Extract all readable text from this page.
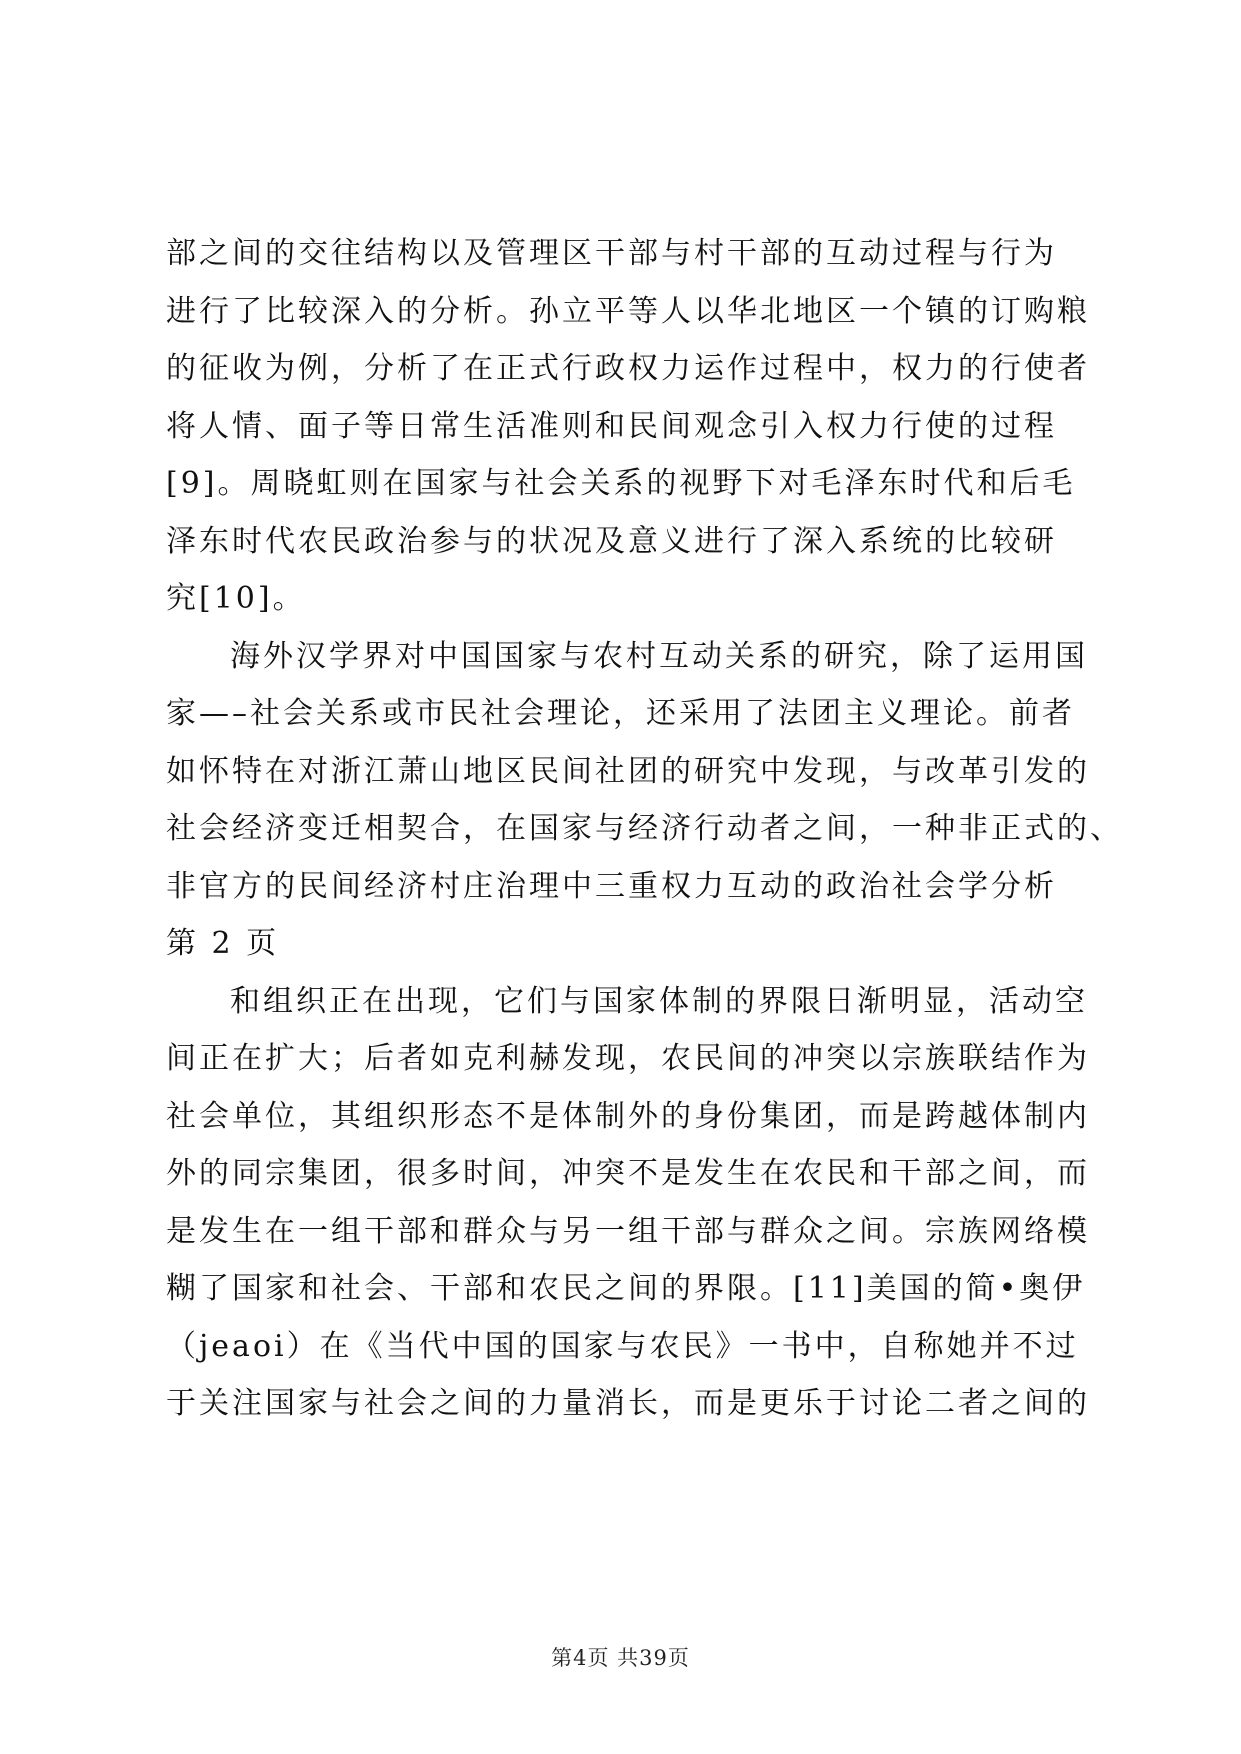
部之间的交往结构以及管理区干部与村干部的互动过程与行为
进行了比较深入的分析。孙立平等人以华北地区一个镇的订购粮
的征收为例，分析了在正式行政权力运作过程中，权力的行使者
将人情、面子等日常生活准则和民间观念引入权力行使的过程
[9]。周晓虹则在国家与社会关系的视野下对毛泽东时代和后毛
泽东时代农民政治参与的状况及意义进行了深入系统的比较研
究[10]。
海外汉学界对中国国家与农村互动关系的研究，除了运用国
家—–社会关系或市民社会理论，还采用了法团主义理论。前者
如怀特在对浙江萧山地区民间社团的研究中发现，与改革引发的
社会经济变迁相契合，在国家与经济行动者之间，一种非正式的、
非官方的民间经济村庄治理中三重权力互动的政治社会学分析
第 2 页
和组织正在出现，它们与国家体制的界限日渐明显，活动空
间正在扩大；后者如克利赫发现，农民间的冲突以宗族联结作为
社会单位，其组织形态不是体制外的身份集团，而是跨越体制内
外的同宗集团，很多时间，冲突不是发生在农民和干部之间，而
是发生在一组干部和群众与另一组干部与群众之间。宗族网络模
糊了国家和社会、干部和农民之间的界限。[11]美国的简•奥伊
（jeaoi）在《当代中国的国家与农民》一书中，自称她并不过
于关注国家与社会之间的力量消长，而是更乐于讨论二者之间的
第4页 共39页
